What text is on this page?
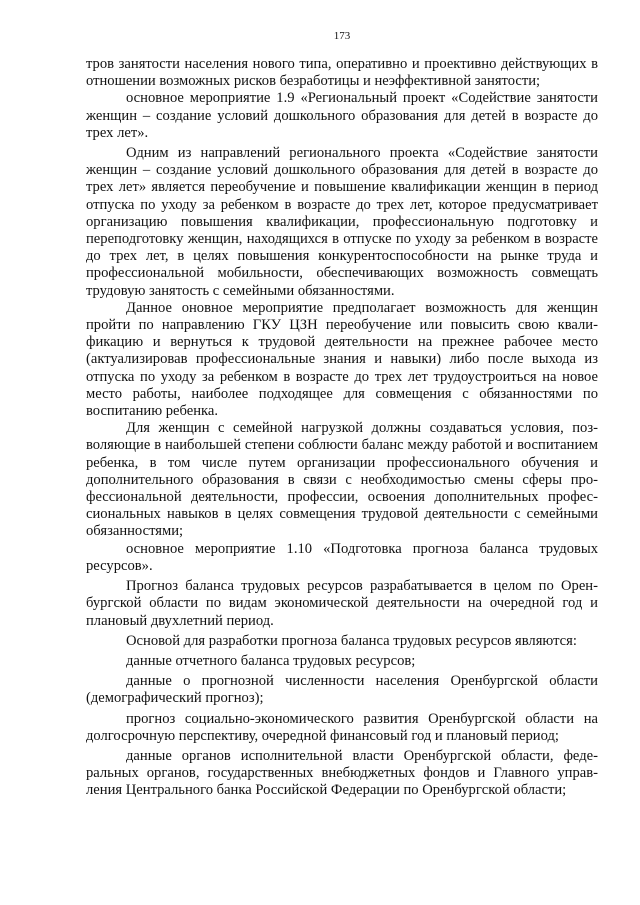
173

тров занятости населения нового типа, оперативно и проективно действующих в отношении возможных рисков безработицы и неэффективной занятости;

основное мероприятие 1.9 «Региональный проект «Содействие занятости женщин – создание условий дошкольного образования для детей в возрасте до трех лет».

Одним из направлений регионального проекта «Содействие занятости женщин – создание условий дошкольного образования для детей в возрасте до трех лет» является переобучение и повышение квалификации женщин в период отпуска по уходу за ребенком в возрасте до трех лет, которое предусматривает организацию повышения квалификации, профессиональную подготовку и переподготовку женщин, находящихся в отпуске по уходу за ребенком в возрасте до трех лет, в целях повышения конкурентоспособности на рынке труда и профессиональной мобильности, обеспечивающих возможность совмещать трудовую занятость с семейными обязанностями.

Данное оновное мероприятие предполагает возможность для женщин пройти по направлению ГКУ ЦЗН переобучение или повысить свою квалификацию и вернуться к трудовой деятельности на прежнее рабочее место (актуализировав профессиональные знания и навыки) либо после выхода из отпуска по уходу за ребенком в возрасте до трех лет трудоустроиться на новое место работы, наиболее подходящее для совмещения с обязанностями по воспитанию ребенка.

Для женщин с семейной нагрузкой должны создаваться условия, позволяющие в наибольшей степени соблюсти баланс между работой и воспитанием ребенка, в том числе путем организации профессионального обучения и дополнительного образования в связи с необходимостью смены сферы профессиональной деятельности, профессии, освоения дополнительных профессиональных навыков в целях совмещения трудовой деятельности с семейными обязанностями;

основное мероприятие 1.10 «Подготовка прогноза баланса трудовых ресурсов».

Прогноз баланса трудовых ресурсов разрабатывается в целом по Оренбургской области по видам экономической деятельности на очередной год и плановый двухлетний период.

Основой для разработки прогноза баланса трудовых ресурсов являются:

данные отчетного баланса трудовых ресурсов;

данные о прогнозной численности населения Оренбургской области (демографический прогноз);

прогноз социально-экономического развития Оренбургской области на долгосрочную перспективу, очередной финансовый год и плановый период;

данные органов исполнительной власти Оренбургской области, федеральных органов, государственных внебюджетных фондов и Главного управления Центрального банка Российской Федерации по Оренбургской области;
